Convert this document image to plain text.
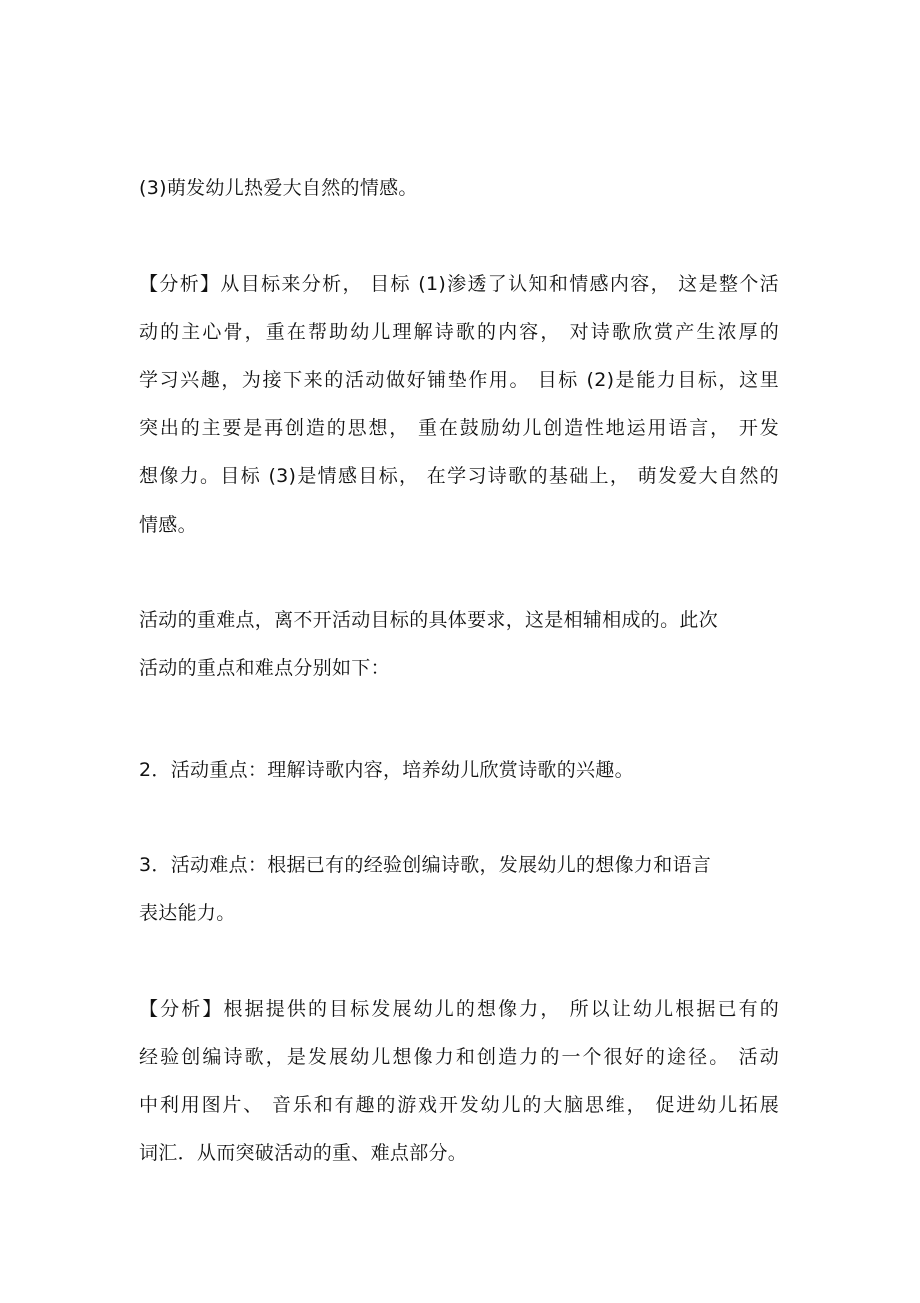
(3)萌发幼儿热爱大自然的情感。
【分析】从目标来分析， 目标 (1)渗透了认知和情感内容， 这是整个活
动的主心骨，重在帮助幼儿理解诗歌的内容， 对诗歌欣赏产生浓厚的
学习兴趣，为接下来的活动做好铺垫作用。 目标 (2)是能力目标，这里
突出的主要是再创造的思想， 重在鼓励幼儿创造性地运用语言， 开发
想像力。目标 (3)是情感目标， 在学习诗歌的基础上， 萌发爱大自然的
情感。
活动的重难点，离不开活动目标的具体要求，这是相辅相成的。此次
活动的重点和难点分别如下：
2．活动重点：理解诗歌内容，培养幼儿欣赏诗歌的兴趣。
3．活动难点：根据已有的经验创编诗歌，发展幼儿的想像力和语言
表达能力。
【分析】根据提供的目标发展幼儿的想像力， 所以让幼儿根据已有的
经验创编诗歌，是发展幼儿想像力和创造力的一个很好的途径。 活动
中利用图片、 音乐和有趣的游戏开发幼儿的大脑思维， 促进幼儿拓展
词汇．从而突破活动的重、难点部分。
